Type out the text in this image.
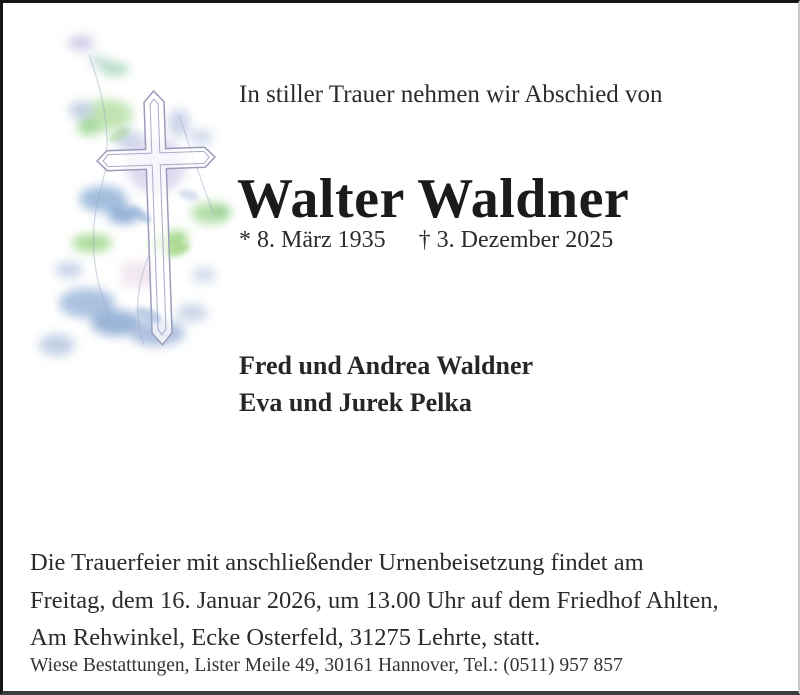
In stiller Trauer nehmen wir Abschied von
Walter Waldner
* 8. März 1935 † 3. Dezember 2025
Fred und Andrea Waldner
Eva und Jurek Pelka
Die Trauerfeier mit anschließender Urnenbeisetzung findet am
Freitag, dem 16. Januar 2026, um 13.00 Uhr auf dem Friedhof Ahlten,
Am Rehwinkel, Ecke Osterfeld, 31275 Lehrte, statt.
Wiese Bestattungen, Lister Meile 49, 30161 Hannover, Tel.: (0511) 957 857
